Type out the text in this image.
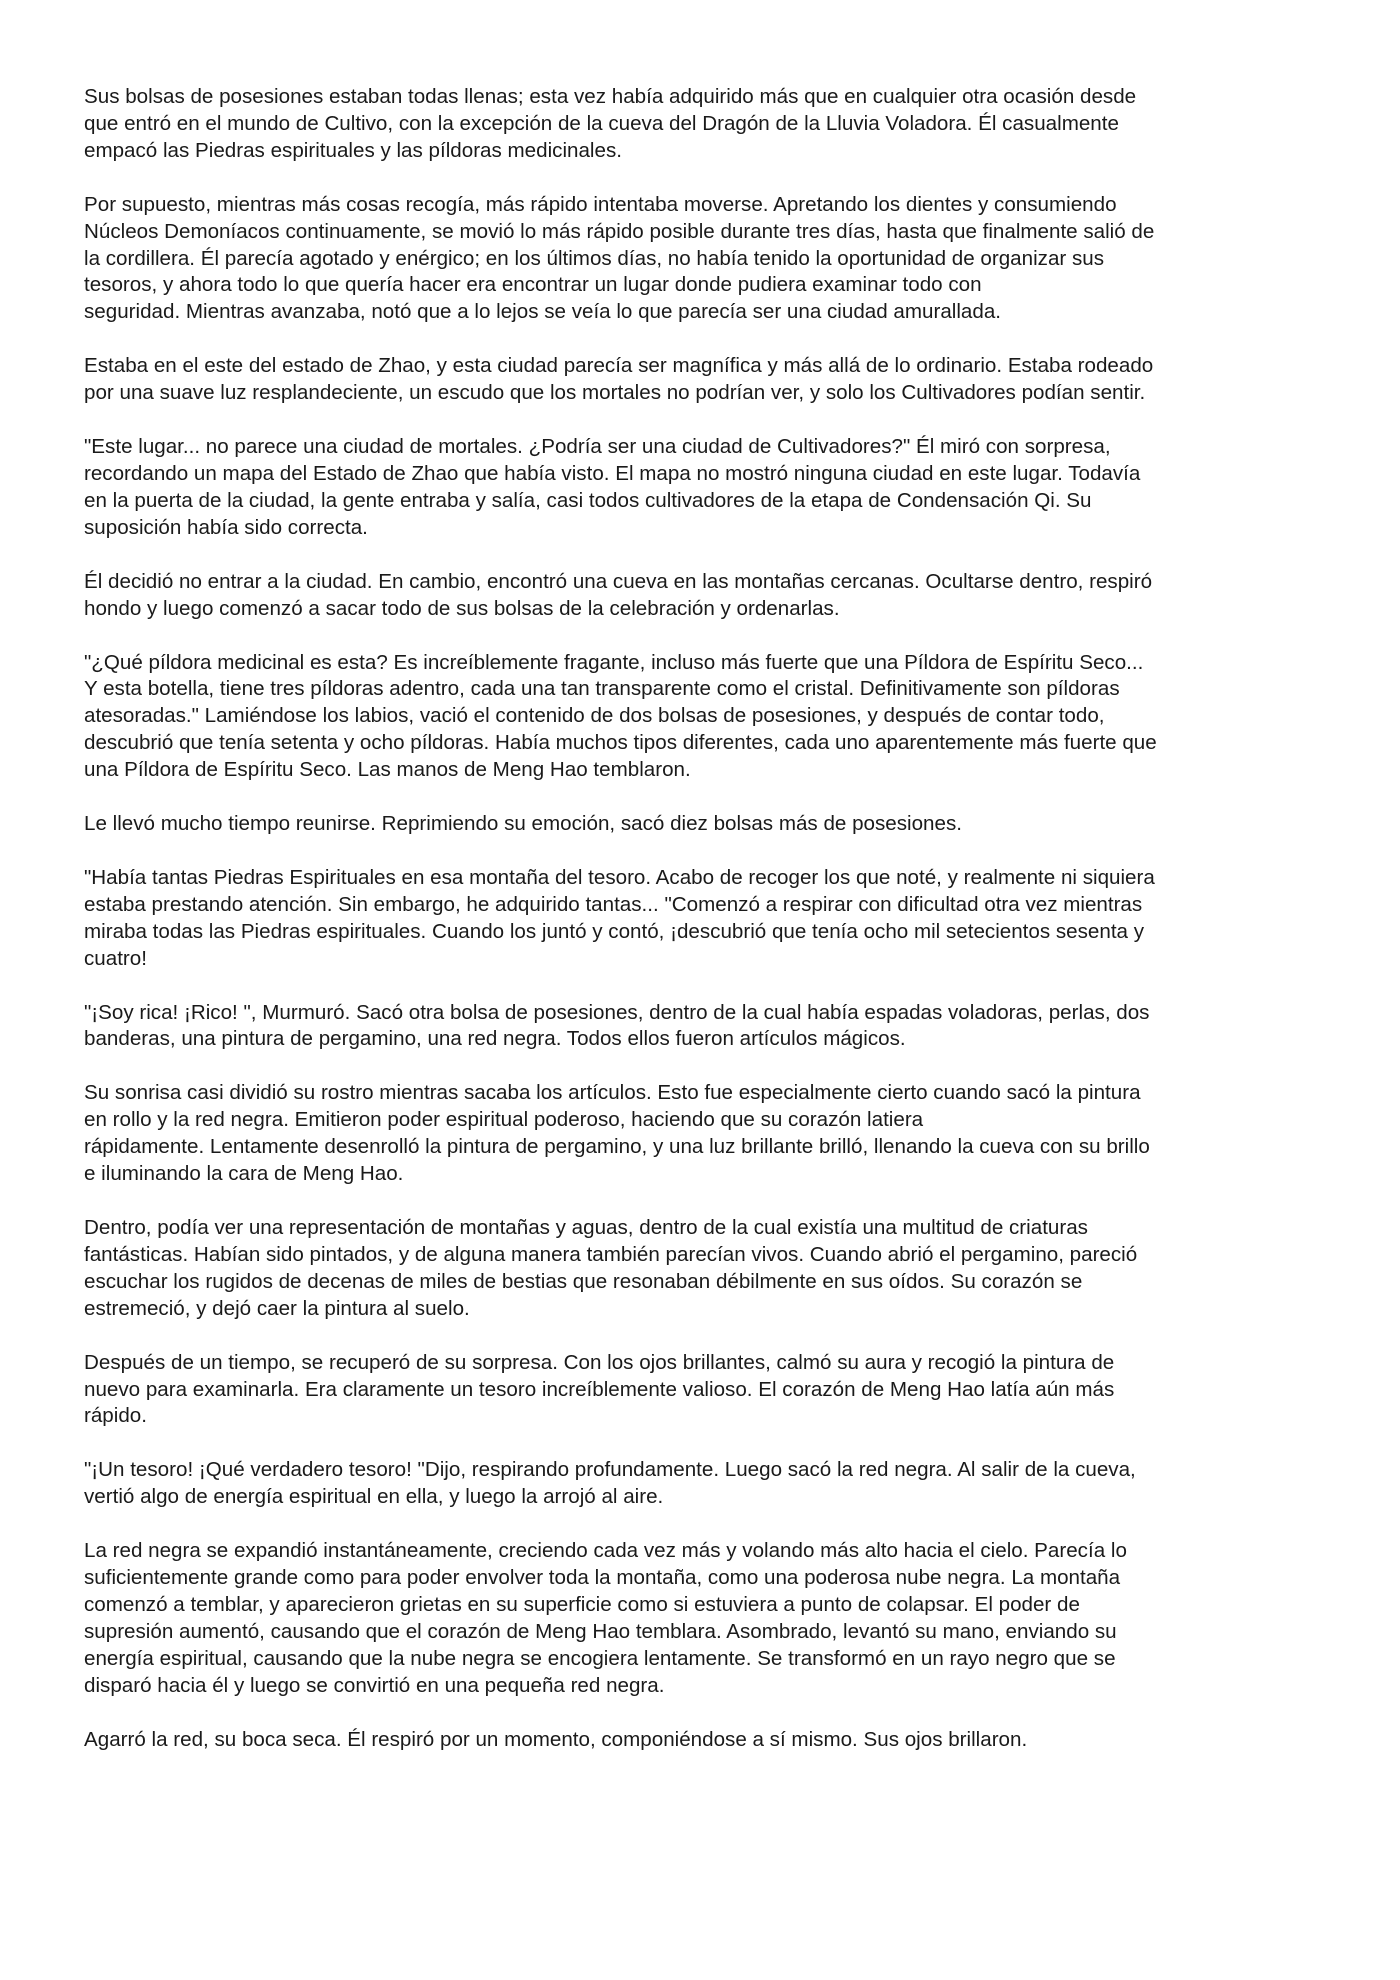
Sus bolsas de posesiones estaban todas llenas; esta vez había adquirido más que en cualquier otra ocasión desde
que entró en el mundo de Cultivo, con la excepción de la cueva del Dragón de la Lluvia Voladora. Él casualmente
empacó las Piedras espirituales y las píldoras medicinales.

Por supuesto, mientras más cosas recogía, más rápido intentaba moverse. Apretando los dientes y consumiendo
Núcleos Demoníacos continuamente, se movió lo más rápido posible durante tres días, hasta que finalmente salió de
la cordillera. Él parecía agotado y enérgico; en los últimos días, no había tenido la oportunidad de organizar sus
tesoros, y ahora todo lo que quería hacer era encontrar un lugar donde pudiera examinar todo con
seguridad. Mientras avanzaba, notó que a lo lejos se veía lo que parecía ser una ciudad amurallada.

Estaba en el este del estado de Zhao, y esta ciudad parecía ser magnífica y más allá de lo ordinario. Estaba rodeado
por una suave luz resplandeciente, un escudo que los mortales no podrían ver, y solo los Cultivadores podían sentir.

"Este lugar... no parece una ciudad de mortales. ¿Podría ser una ciudad de Cultivadores?" Él miró con sorpresa,
recordando un mapa del Estado de Zhao que había visto. El mapa no mostró ninguna ciudad en este lugar. Todavía
en la puerta de la ciudad, la gente entraba y salía, casi todos cultivadores de la etapa de Condensación Qi. Su
suposición había sido correcta.

Él decidió no entrar a la ciudad. En cambio, encontró una cueva en las montañas cercanas. Ocultarse dentro, respiró
hondo y luego comenzó a sacar todo de sus bolsas de la celebración y ordenarlas.

"¿Qué píldora medicinal es esta? Es increíblemente fragante, incluso más fuerte que una Píldora de Espíritu Seco...
Y esta botella, tiene tres píldoras adentro, cada una tan transparente como el cristal. Definitivamente son píldoras
atesoradas." Lamiéndose los labios, vació el contenido de dos bolsas de posesiones, y después de contar todo,
descubrió que tenía setenta y ocho píldoras. Había muchos tipos diferentes, cada uno aparentemente más fuerte que
una Píldora de Espíritu Seco. Las manos de Meng Hao temblaron.

Le llevó mucho tiempo reunirse. Reprimiendo su emoción, sacó diez bolsas más de posesiones.

"Había tantas Piedras Espirituales en esa montaña del tesoro. Acabo de recoger los que noté, y realmente ni siquiera
estaba prestando atención. Sin embargo, he adquirido tantas... "Comenzó a respirar con dificultad otra vez mientras
miraba todas las Piedras espirituales. Cuando los juntó y contó, ¡descubrió que tenía ocho mil setecientos sesenta y
cuatro!

"¡Soy rica! ¡Rico! ", Murmuró. Sacó otra bolsa de posesiones, dentro de la cual había espadas voladoras, perlas, dos
banderas, una pintura de pergamino, una red negra. Todos ellos fueron artículos mágicos.

Su sonrisa casi dividió su rostro mientras sacaba los artículos. Esto fue especialmente cierto cuando sacó la pintura
en rollo y la red negra. Emitieron poder espiritual poderoso, haciendo que su corazón latiera
rápidamente. Lentamente desenrolló la pintura de pergamino, y una luz brillante brilló, llenando la cueva con su brillo
e iluminando la cara de Meng Hao.

Dentro, podía ver una representación de montañas y aguas, dentro de la cual existía una multitud de criaturas
fantásticas. Habían sido pintados, y de alguna manera también parecían vivos. Cuando abrió el pergamino, pareció
escuchar los rugidos de decenas de miles de bestias que resonaban débilmente en sus oídos. Su corazón se
estremeció, y dejó caer la pintura al suelo.

Después de un tiempo, se recuperó de su sorpresa. Con los ojos brillantes, calmó su aura y recogió la pintura de
nuevo para examinarla. Era claramente un tesoro increíblemente valioso. El corazón de Meng Hao latía aún más
rápido.

"¡Un tesoro! ¡Qué verdadero tesoro! "Dijo, respirando profundamente. Luego sacó la red negra. Al salir de la cueva,
vertió algo de energía espiritual en ella, y luego la arrojó al aire.

La red negra se expandió instantáneamente, creciendo cada vez más y volando más alto hacia el cielo. Parecía lo
suficientemente grande como para poder envolver toda la montaña, como una poderosa nube negra. La montaña
comenzó a temblar, y aparecieron grietas en su superficie como si estuviera a punto de colapsar. El poder de
supresión aumentó, causando que el corazón de Meng Hao temblara. Asombrado, levantó su mano, enviando su
energía espiritual, causando que la nube negra se encogiera lentamente. Se transformó en un rayo negro que se
disparó hacia él y luego se convirtió en una pequeña red negra.

Agarró la red, su boca seca. Él respiró por un momento, componiéndose a sí mismo. Sus ojos brillaron.
